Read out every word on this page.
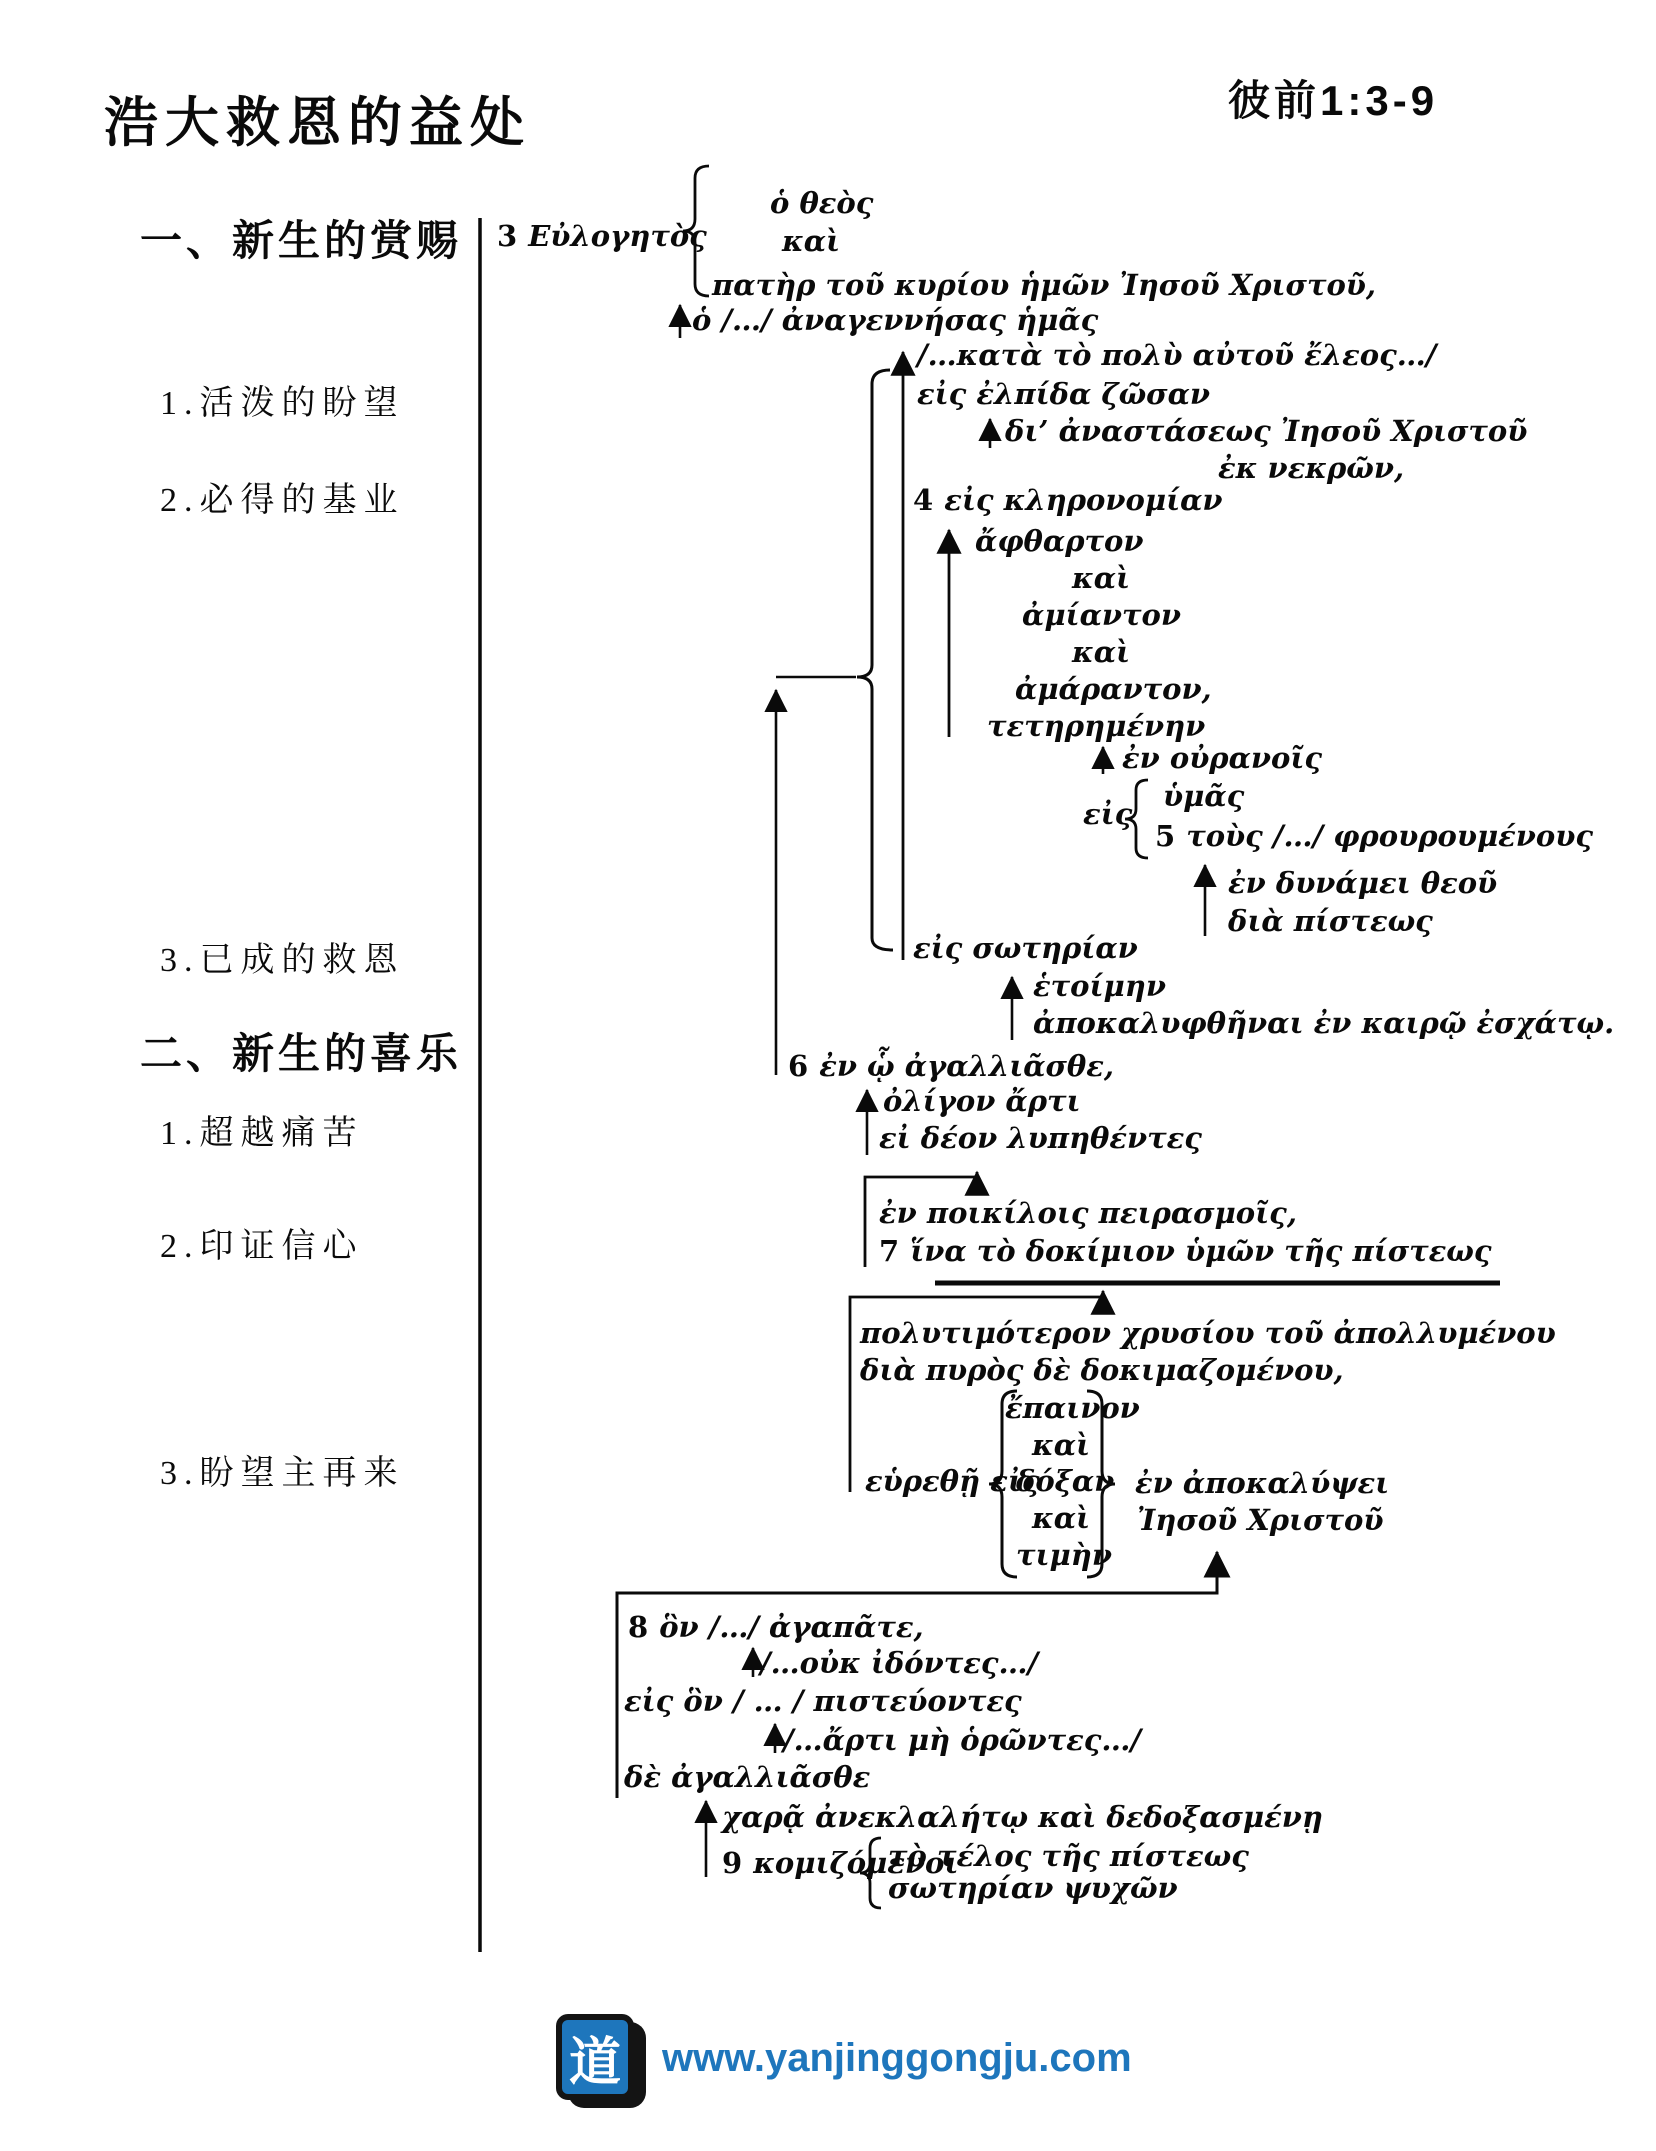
浩大救恩的益处	彼前1:3-9
一、新生的赏赐
1.活泼的盼望
2.必得的基业
3.已成的救恩
二、新生的喜乐
1.超越痛苦
2.印证信心
3.盼望主再来
3 Εὐλογητὸς
道 www.yanjinggongju.com
ὁ θεὸς
καὶ
πατὴρ τοῦ κυρίου ἡμῶν Ἰησοῦ Χριστοῦ,
ὁ /…/ ἀναγεννήσας ἡμᾶς
/…κατὰ τὸ πολὺ αὐτοῦ ἔλεος…/
εἰς ἐλπίδα ζῶσαν
δι’ ἀναστάσεως Ἰησοῦ Χριστοῦ
ἐκ νεκρῶν,
4 εἰς κληρονομίαν
ἄφθαρτον
καὶ
ἀμίαντον
καὶ
ἀμάραντον,
τετηρημένην
ἐν οὐρανοῖς
εἰς
ὑμᾶς
5 τοὺς /…/ φρουρουμένους
ἐν δυνάμει θεοῦ
διὰ πίστεως
εἰς σωτηρίαν
ἑτοίμην
ἀποκαλυφθῆναι ἐν καιρῷ ἐσχάτῳ.
6 ἐν ᾧ ἀγαλλιᾶσθε,
ὀλίγον ἄρτι
εἰ δέον λυπηθέντες
ἐν ποικίλοις πειρασμοῖς,
7 ἵνα τὸ δοκίμιον ὑμῶν τῆς πίστεως
πολυτιμότερον χρυσίου τοῦ ἀπολλυμένου
διὰ πυρὸς δὲ δοκιμαζομένου,
εὑρεθῇ εἰς
ἔπαινον
καὶ
δόξαν
καὶ
τιμὴν
ἐν ἀποκαλύψει
Ἰησοῦ Χριστοῦ
8 ὃν /…/ ἀγαπᾶτε,
/…οὐκ ἰδόντες…/
εἰς ὃν / … / πιστεύοντες
/…ἄρτι μὴ ὁρῶντες…/
δὲ ἀγαλλιᾶσθε
χαρᾷ ἀνεκλαλήτῳ καὶ δεδοξασμένῃ
9 κομιζόμενοι
τὸ τέλος τῆς πίστεως
σωτηρίαν ψυχῶν
